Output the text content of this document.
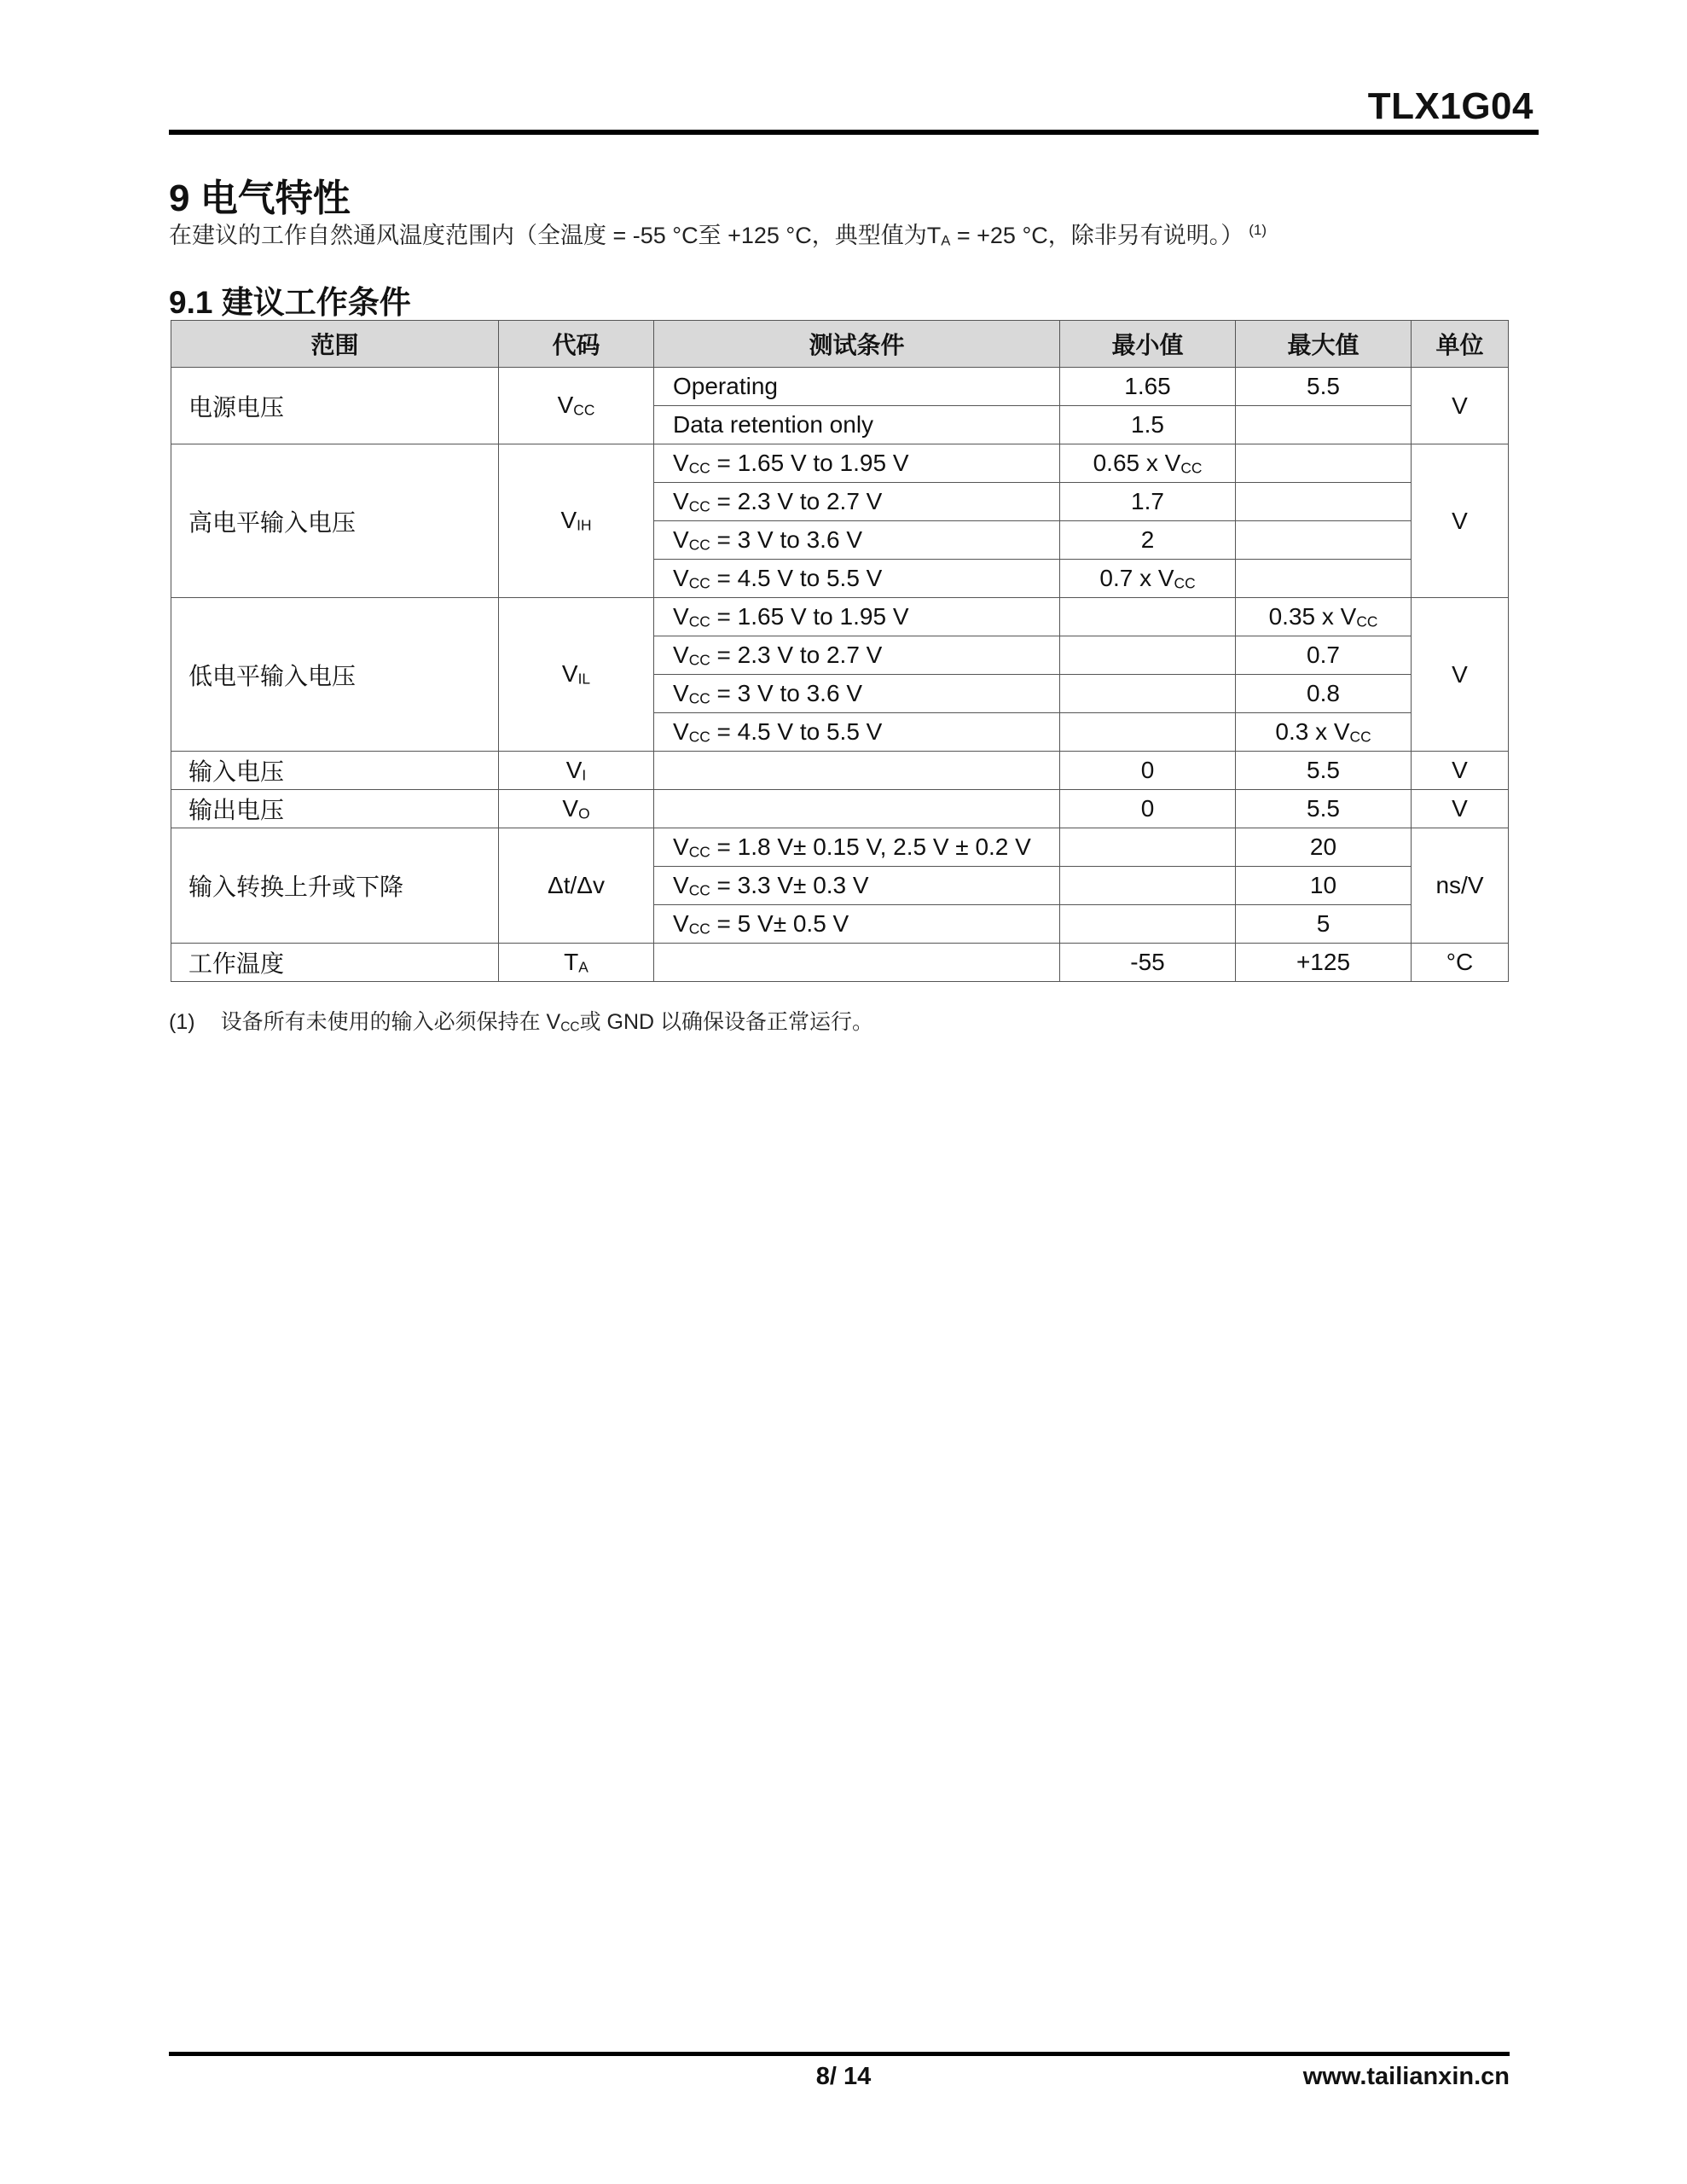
TLX1G04
9 电气特性
在建议的工作自然通风温度范围内（全温度 = -55 °C至 +125 °C，典型值为$T_A = +25$ °C，除非另有说明。） $^{(1)}$
9.1 建议工作条件
范围	代码	测试条件	最小值	最大值	单位
电源电压	$V_{CC}$	Operating	1.65	5.5	V
		Data retention only	1.5		
高电平输入电压	$V_{IH}$	$V_{CC} = 1.65$ V to 1.95 V	0.65 x $V_{CC}$		V
		$V_{CC} = 2.3$ V to 2.7 V	1.7		
		$V_{CC} = 3$ V to 3.6 V	2		
		$V_{CC} = 4.5$ V to 5.5 V	0.7 x $V_{CC}$	
低电平输入电压	$V_{IL}$	$V_{CC} = 1.65$ V to 1.95 V		0.35 x $V_{CC}$	V
		$V_{CC} = 2.3$ V to 2.7 V		0.7	
		$V_{CC} = 3$ V to 3.6 V		0.8	
		$V_{CC} = 4.5$ V to 5.5 V		0.3 x $V_{CC}$
输入电压	$V_I$		0	5.5	V
输出电压	$V_O$		0	5.5	V
输入转换上升或下降	Δt/Δv	$V_{CC} = 1.8$ V± 0.15 V, 2.5 V ± 0.2 V		20	ns/V
		$V_{CC} = 3.3$ V± 0.3 V		10	
		$V_{CC} = 5$ V± 0.5 V		5	
工作温度	$T_A$		-55	+125	°C
(1) 设备所有未使用的输入必须保持在 $V_{CC}$或 GND 以确保设备正常运行。
8/ 14	www.tailianxin.cn
